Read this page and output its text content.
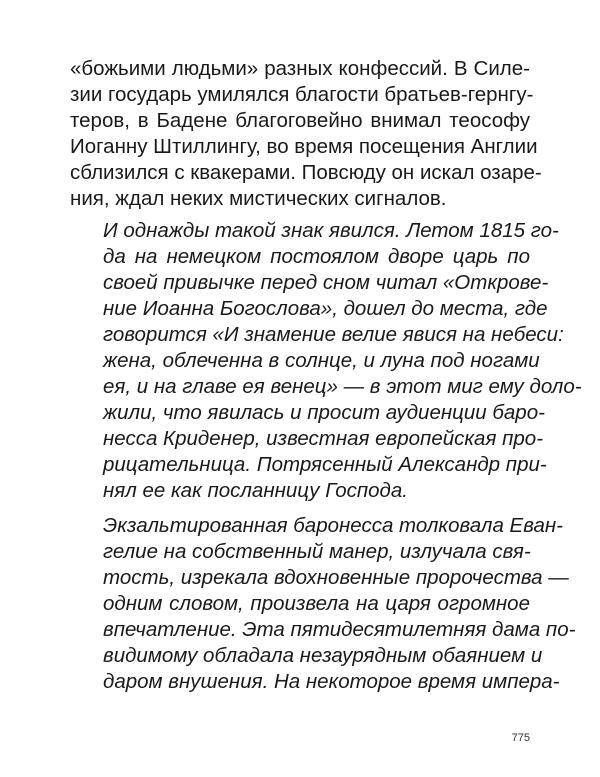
«божьими людьми» разных конфессий. В Силе-
зии государь умилялся благости братьев-гернгу-
теров, в Бадене благоговейно внимал теософу
Иоганну Штиллингу, во время посещения Англии
сблизился с квакерами. Повсюду он искал озаре-
ния, ждал неких мистических сигналов.
И однажды такой знак явился. Летом 1815 го-
да на немецком постоялом дворе царь по
своей привычке перед сном читал «Открове-
ние Иоанна Богослова», дошел до места, где
говорится «И знамение велие явися на небеси:
жена, облеченна в солнце, и луна под ногами
ея, и на главе ея венец» — в этот миг ему доло-
жили, что явилась и просит аудиенции баро-
несса Криденер, известная европейская про-
рицательница. Потрясенный Александр при-
нял ее как посланницу Господа.
Экзальтированная баронесса толковала Еван-
гелие на собственный манер, излучала свя-
тость, изрекала вдохновенные пророчества —
одним словом, произвела на царя огромное
впечатление. Эта пятидесятилетняя дама по-
видимому обладала незаурядным обаянием и
даром внушения. На некоторое время импера-
775
